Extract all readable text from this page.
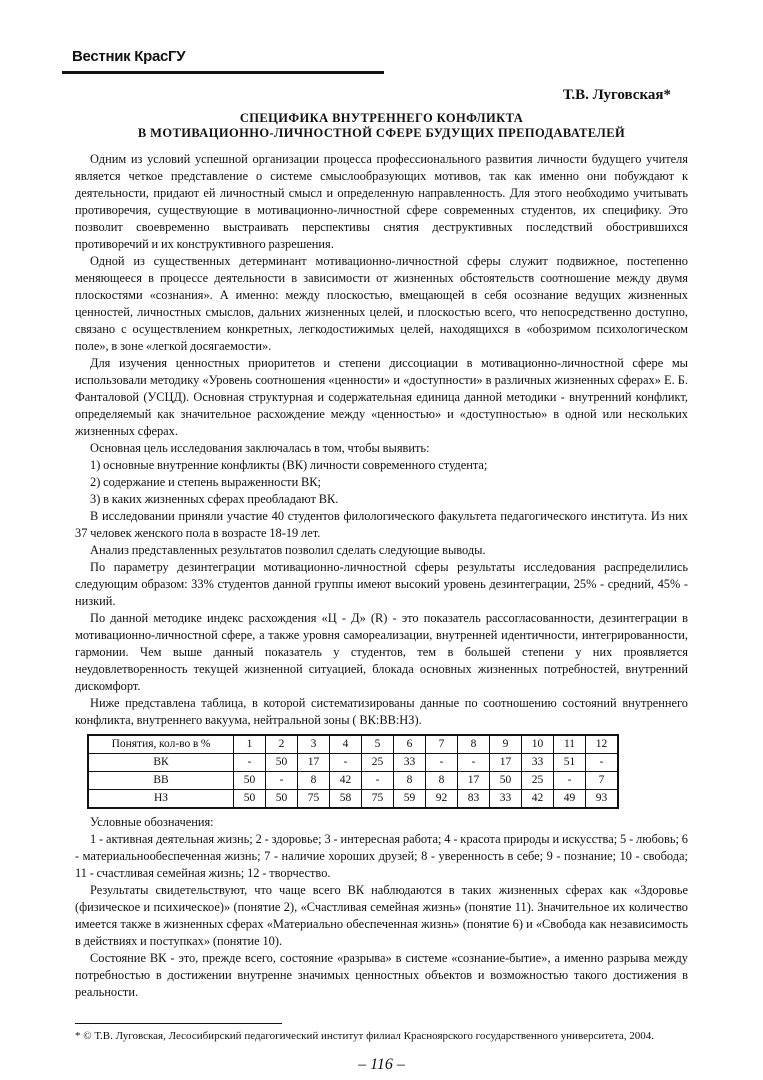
Вестник КрасГУ
Т.В. Луговская*
СПЕЦИФИКА ВНУТРЕННЕГО КОНФЛИКТА
В МОТИВАЦИОННО-ЛИЧНОСТНОЙ СФЕРЕ БУДУЩИХ ПРЕПОДАВАТЕЛЕЙ

Одним из условий успешной организации процесса профессионального развития личности будущего учителя является четкое представление о системе смыслообразующих мотивов, так как именно они побуждают к деятельности, придают ей личностный смысл и определенную направленность. Для этого необходимо учитывать противоречия, существующие в мотивационно-личностной сфере современных студентов, их специфику. Это позволит своевременно выстраивать перспективы снятия деструктивных последствий обострившихся противоречий и их конструктивного разрешения.

Одной из существенных детерминант мотивационно-личностной сферы служит подвижное, постепенно меняющееся в процессе деятельности в зависимости от жизненных обстоятельств соотношение между двумя плоскостями «сознания». А именно: между плоскостью, вмещающей в себя осознание ведущих жизненных ценностей, личностных смыслов, дальних жизненных целей, и плоскостью всего, что непосредственно доступно, связано с осуществлением конкретных, легкодостижимых целей, находящихся в «обозримом психологическом поле», в зоне «легкой досягаемости».

Для изучения ценностных приоритетов и степени диссоциации в мотивационно-личностной сфере мы использовали методику «Уровень соотношения «ценности» и «доступности» в различных жизненных сферах» Е. Б. Фанталовой (УСЦД). Основная структурная и содержательная единица данной методики - внутренний конфликт, определяемый как значительное расхождение между «ценностью» и «доступностью» в одной или нескольких жизненных сферах.

Основная цель исследования заключалась в том, чтобы выявить:

1) основные внутренние конфликты (ВК) личности современного студента;

2) содержание и степень выраженности ВК;

3) в каких жизненных сферах преобладают ВК.

В исследовании приняли участие 40 студентов филологического факультета педагогического института. Из них 37 человек женского пола в возрасте 18-19 лет.

Анализ представленных результатов позволил сделать следующие выводы.

По параметру дезинтеграции мотивационно-личностной сферы результаты исследования распределились следующим образом: 33% студентов данной группы имеют высокий уровень дезинтеграции, 25% - средний, 45% - низкий.

По данной методике индекс расхождения «Ц - Д» (R) - это показатель рассогласованности, дезинтеграции в мотивационно-личностной сфере, а также уровня самореализации, внутренней идентичности, интегрированности, гармонии. Чем выше данный показатель у студентов, тем в большей степени у них проявляется неудовлетворенность текущей жизненной ситуацией, блокада основных жизненных потребностей, внутренний дискомфорт.

Ниже представлена таблица, в которой систематизированы данные по соотношению состояний внутреннего конфликта, внутреннего вакуума, нейтральной зоны ( ВК:ВВ:НЗ).

Понятия, кол-во в %	1	2	3	4	5	6	7	8	9	10	11	12
ВК	-	50	17	-	25	33	-	-	17	33	51	-
ВВ	50	-	8	42	-	8	8	17	50	25	-	7
НЗ	50	50	75	58	75	59	92	83	33	42	49	93

Условные обозначения:

1 - активная деятельная жизнь; 2 - здоровье; 3 - интересная работа; 4 - красота природы и искусства; 5 - любовь; 6 - материальнообеспеченная жизнь; 7 - наличие хороших друзей; 8 - уверенность в себе; 9 - познание; 10 - свобода; 11 - счастливая семейная жизнь; 12 - творчество.

Результаты свидетельствуют, что чаще всего ВК наблюдаются в таких жизненных сферах как «Здоровье (физическое и психическое)» (понятие 2), «Счастливая семейная жизнь» (понятие 11). Значительное их количество имеется также в жизненных сферах «Материально обеспеченная жизнь» (понятие 6) и «Свобода как независимость в действиях и поступках» (понятие 10).

Состояние ВК - это, прежде всего, состояние «разрыва» в системе «сознание-бытие», а именно разрыва между потребностью в достижении внутренне значимых ценностных объектов и возможностью такого достижения в реальности.

* © Т.В. Луговская, Лесосибирский педагогический институт филиал Красноярского государственного университета, 2004.
– 116 –
